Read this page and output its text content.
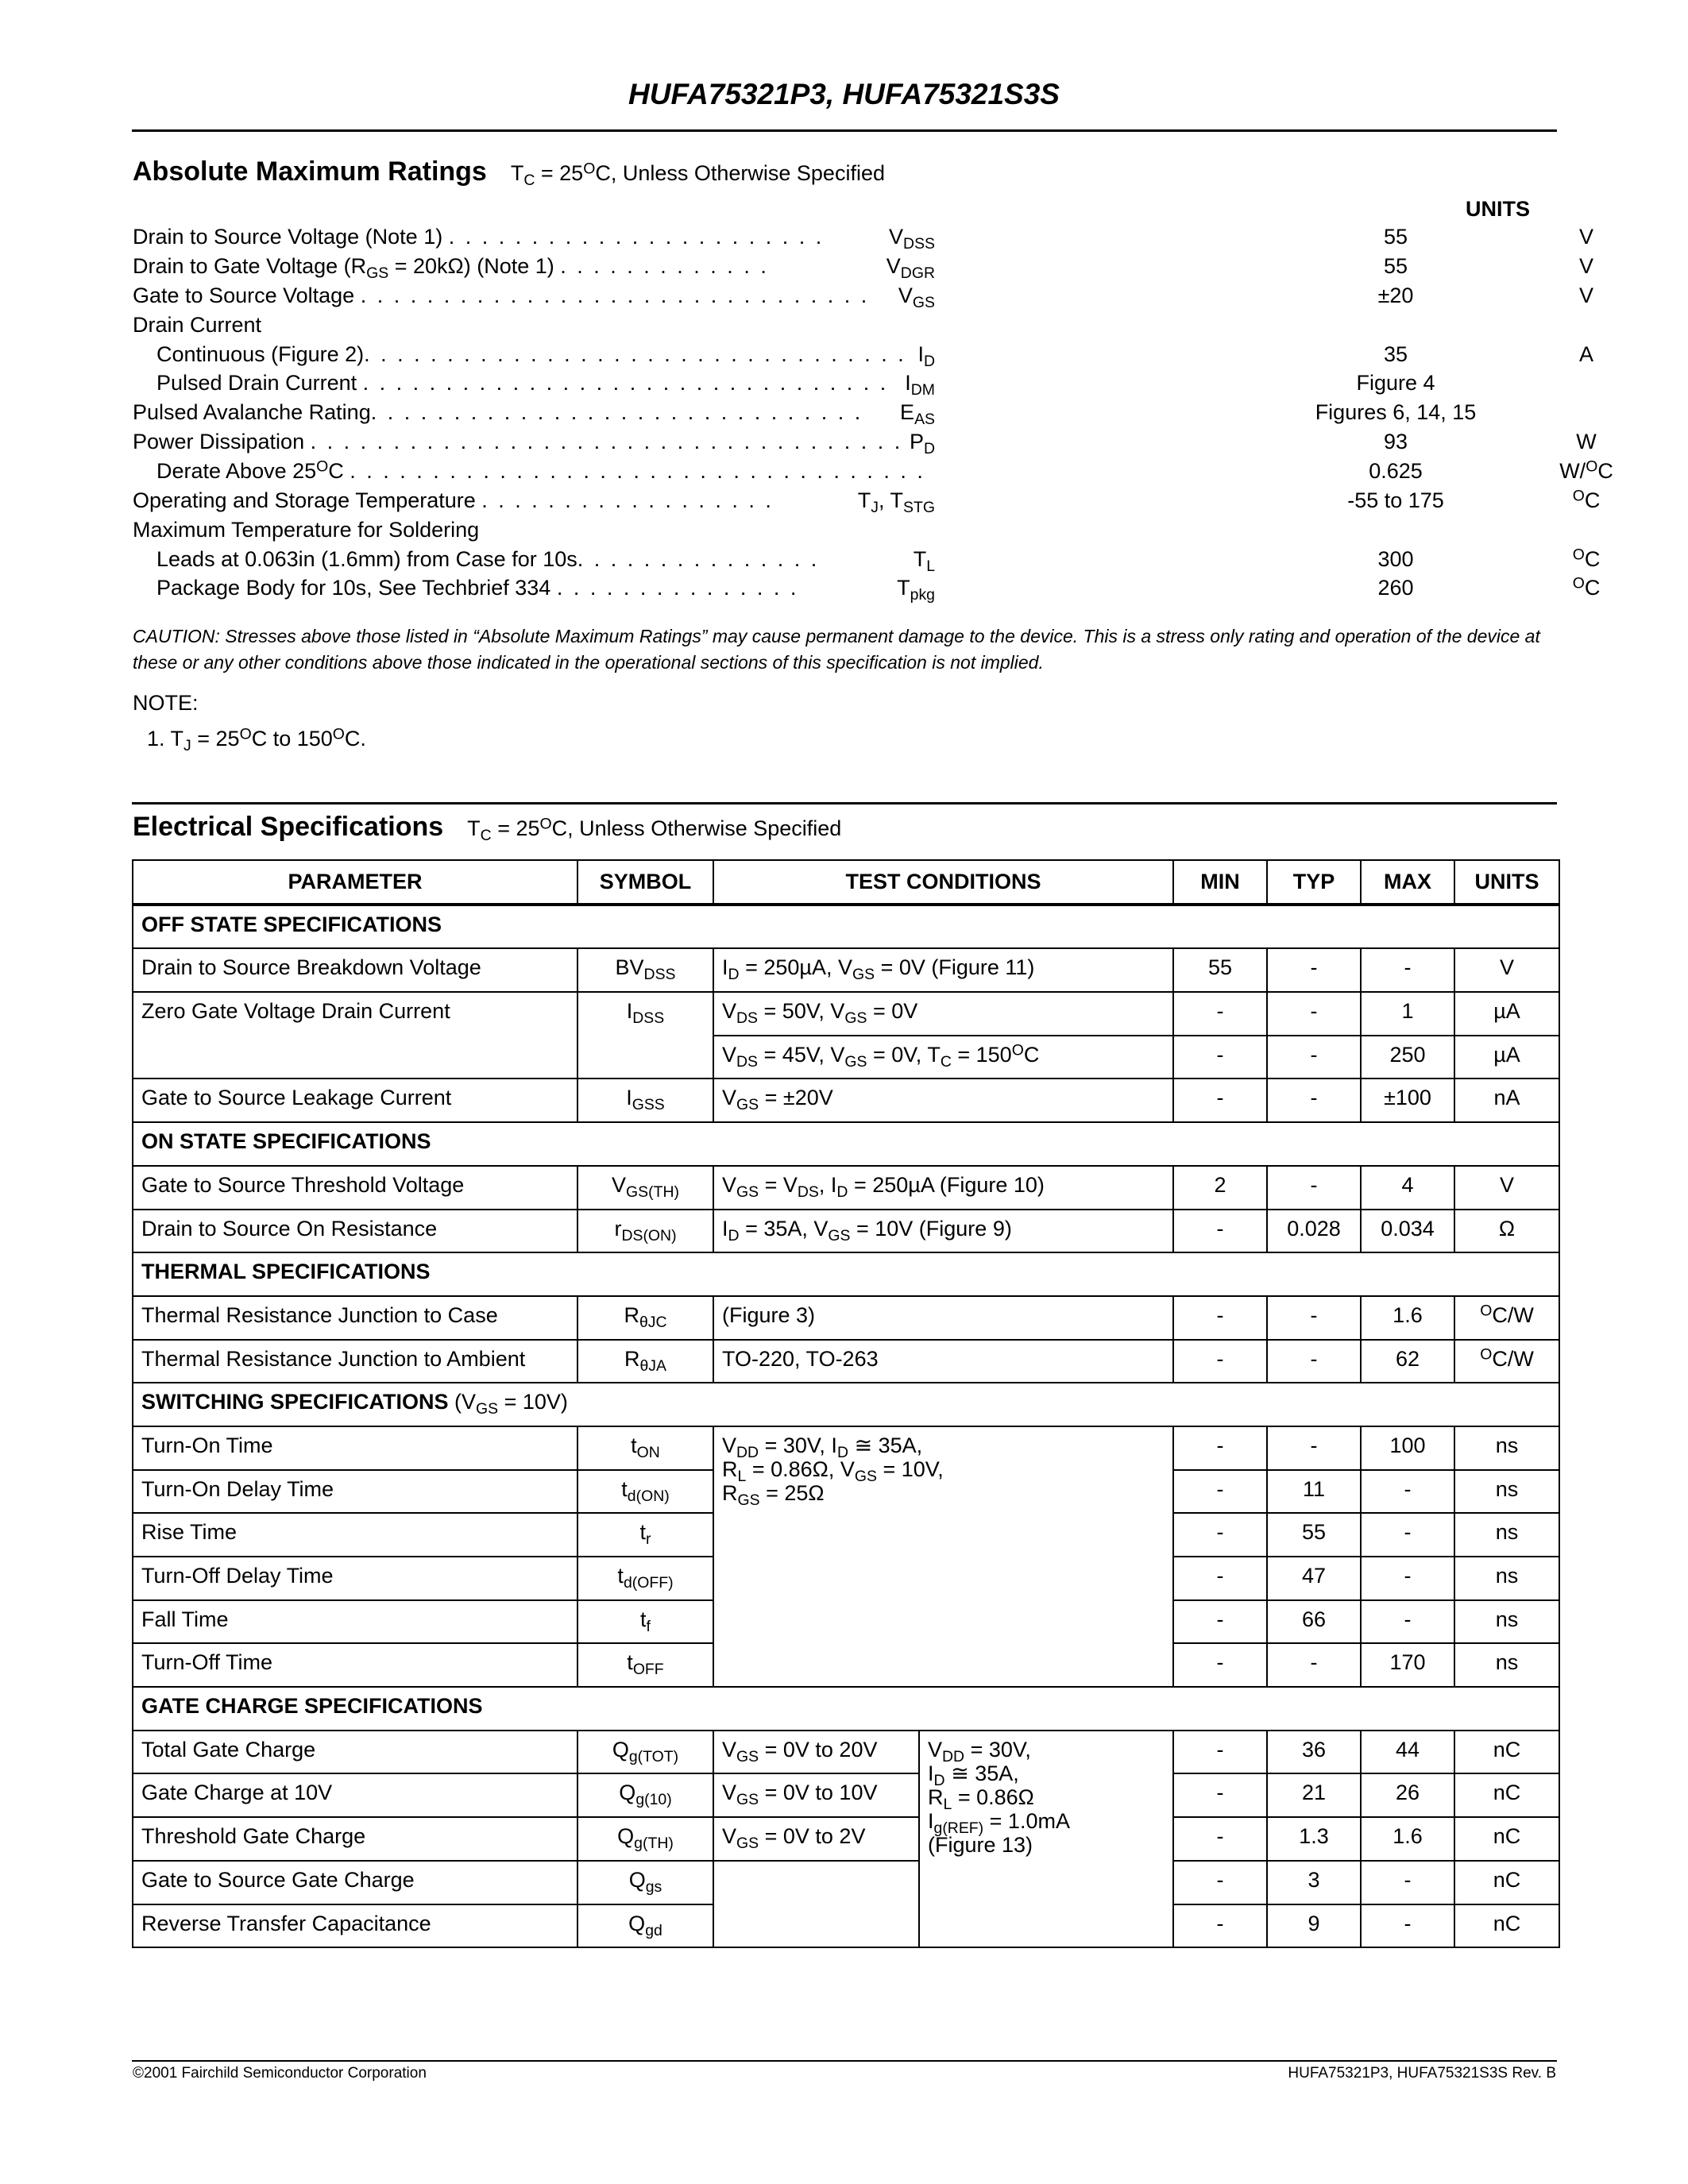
HUFA75321P3, HUFA75321S3S
Absolute Maximum Ratings $T_C = 25^OC$, Unless Otherwise Specified
UNITS
Drain to Source Voltage (Note 1) . . . . . . . . . . . . . . . . . . . . . . .	$V_{DSS}$	55	V
Drain to Gate Voltage $(R_{GS} = 20k\Omega)$ (Note 1) . . . . . . . . . . . . .	$V_{DGR}$	55	V
Gate to Source Voltage . . . . . . . . . . . . . . . . . . . . . . . . . . . . . . .	$V_{GS}$	±20	V
Drain Current
Continuous (Figure 2). . . . . . . . . . . . . . . . . . . . . . . . . . . . . . . . . $I_D$	35	A
Pulsed Drain Current . . . . . . . . . . . . . . . . . . . . . . . . . . . . . . . . $I_{DM}$	Figure 4
Pulsed Avalanche Rating. . . . . . . . . . . . . . . . . . . . . . . . . . . . . .	$E_{AS}$	Figures 6, 14, 15
Power Dissipation . . . . . . . . . . . . . . . . . . . . . . . . . . . . . . . . . . . . $P_D$	93	W
Derate Above $25^OC$ . . . . . . . . . . . . . . . . . . . . . . . . . . . . . . . . . . .	0.625	W/$^O$C
Operating and Storage Temperature . . . . . . . . . . . . . . . . . .	$T_J$, $T_{STG}$	-55 to 175	$^O$C
Maximum Temperature for Soldering
Leads at 0.063in (1.6mm) from Case for 10s. . . . . . . . . . . . . . .	$T_L$	300	$^O$C
Package Body for 10s, See Techbrief 334 . . . . . . . . . . . . . . .	$T_{pkg}$	260	$^O$C
CAUTION: Stresses above those listed in “Absolute Maximum Ratings” may cause permanent damage to the device. This is a stress only rating and operation of the device at these or any other conditions above those indicated in the operational sections of this specification is not implied.
NOTE:
1. $T_J = 25^OC$ to $150^OC$.
Electrical Specifications $T_C = 25^OC$, Unless Otherwise Specified
PARAMETER	SYMBOL	TEST CONDITIONS		MIN	TYP	MAX	UNITS
OFF STATE SPECIFICATIONS							
Drain to Source Breakdown Voltage	$BV_{DSS}$	$I_D = 250\mu A$, $V_{GS} = 0V$ (Figure 11)		55	-	-	V
Zero Gate Voltage Drain Current	$I_{DSS}$	$V_{DS} = 50V$, $V_{GS} = 0V$		-	-	1	µA
		$V_{DS} = 45V$, $V_{GS} = 0V$, $T_C = 150^OC$		-	-	250	µA
Gate to Source Leakage Current	$I_{GSS}$	$V_{GS} = \pm 20V$		-	-	±100	nA
ON STATE SPECIFICATIONS							
Gate to Source Threshold Voltage	$V_{GS(TH)}$	$V_{GS} = V_{DS}$, $I_D = 250\mu A$ (Figure 10)		2	-	4	V
Drain to Source On Resistance	$r_{DS(ON)}$	$I_D = 35A$, $V_{GS} = 10V$ (Figure 9)		-	0.028	0.034	Ω
THERMAL SPECIFICATIONS							
Thermal Resistance Junction to Case	$R_{\theta JC}$	(Figure 3)		-	-	1.6	$^O$C/W
Thermal Resistance Junction to Ambient	$R_{\theta JA}$	TO-220, TO-263		-	-	62	$^O$C/W
SWITCHING SPECIFICATIONS $(V_{GS} = 10V)$							
Turn-On Time	$t_{ON}$	$V_{DD} = 30V$, $I_D$ ≅ 35A,
$R_L = 0.86\Omega$, $V_{GS} = 10V$,
$R_{GS} = 25\Omega$		-	-	100	ns
Turn-On Delay Time	$t_{d(ON)}$			-	11	-	ns
Rise Time	$t_r$			-	55	-	ns
Turn-Off Delay Time	$t_{d(OFF)}$			-	47	-	ns
Fall Time	$t_f$			-	66	-	ns
Turn-Off Time	$t_{OFF}$			-	-	170	ns
GATE CHARGE SPECIFICATIONS							
Total Gate Charge	$Q_{g(TOT)}$	$V_{GS} = 0V$ to 20V	$V_{DD} = 30V$,
$I_D$ ≅ 35A,
$R_L = 0.86\Omega$
$I_{g(REF)} = 1.0mA$
(Figure 13)	-	36	44	nC
Gate Charge at 10V	$Q_{g(10)}$	$V_{GS} = 0V$ to 10V		-	21	26	nC
Threshold Gate Charge	$Q_{g(TH)}$	$V_{GS} = 0V$ to 2V		-	1.3	1.6	nC
Gate to Source Gate Charge	$Q_{gs}$			-	3	-	nC
Reverse Transfer Capacitance	$Q_{gd}$			-	9	-	nC
©2001 Fairchild Semiconductor Corporation	HUFA75321P3, HUFA75321S3S Rev. B
